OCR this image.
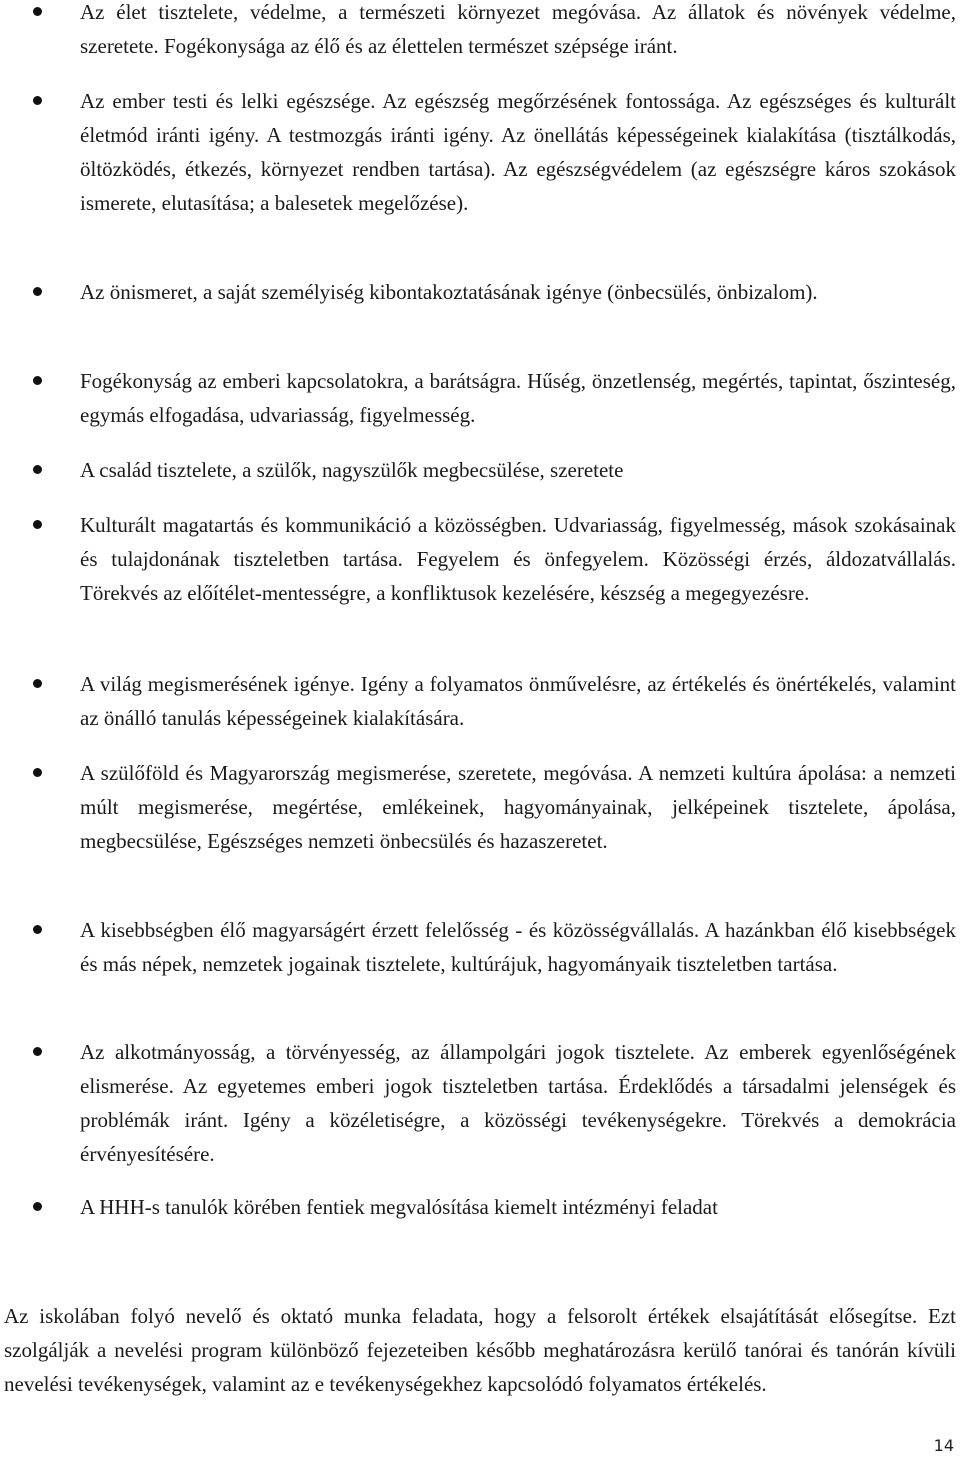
Az élet tisztelete, védelme, a természeti környezet megóvása. Az állatok és növények védelme, szeretete. Fogékonysága az élő és az élettelen természet szépsége iránt.
Az ember testi és lelki egészsége. Az egészség megőrzésének fontossága. Az egészséges és kulturált életmód iránti igény. A testmozgás iránti igény. Az önellátás képességeinek kialakítása (tisztálkodás, öltözködés, étkezés, környezet rendben tartása). Az egészségvédelem (az egészségre káros szokások ismerete, elutasítása; a balesetek megelőzése).
Az önismeret, a saját személyiség kibontakoztatásának igénye (önbecsülés, önbizalom).
Fogékonyság az emberi kapcsolatokra, a barátságra. Hűség, önzetlenség, megértés, tapintat, őszinteség, egymás elfogadása, udvariasság, figyelmesség.
A család tisztelete, a szülők, nagyszülők megbecsülése, szeretete
Kulturált magatartás és kommunikáció a közösségben. Udvariasság, figyelmesség, mások szokásainak és tulajdonának tiszteletben tartása. Fegyelem és önfegyelem. Közösségi érzés, áldozatvállalás. Törekvés az előítélet-mentességre, a konfliktusok kezelésére, készség a megegyezésre.
A világ megismerésének igénye. Igény a folyamatos önművelésre, az értékelés és önértékelés, valamint az önálló tanulás képességeinek kialakítására.
A szülőföld és Magyarország megismerése, szeretete, megóvása. A nemzeti kultúra ápolása: a nemzeti múlt megismerése, megértése, emlékeinek, hagyományainak, jelképeinek tisztelete, ápolása, megbecsülése, Egészséges nemzeti önbecsülés és hazaszeretet.
A kisebbségben élő magyarságért érzett felelősség - és közösségvállalás. A hazánkban élő kisebbségek és más népek, nemzetek jogainak tisztelete, kultúrájuk, hagyományaik tiszteletben tartása.
Az alkotmányosság, a törvényesség, az állampolgári jogok tisztelete. Az emberek egyenlőségének elismerése. Az egyetemes emberi jogok tiszteletben tartása. Érdeklődés a társadalmi jelenségek és problémák iránt. Igény a közéletiségre, a közösségi tevékenységekre. Törekvés a demokrácia érvényesítésére.
A HHH-s tanulók körében fentiek megvalósítása kiemelt intézményi feladat

Az iskolában folyó nevelő és oktató munka feladata, hogy a felsorolt értékek elsajátítását elősegítse. Ezt szolgálják a nevelési program különböző fejezeteiben később meghatározásra kerülő tanórai és tanórán kívüli nevelési tevékenységek, valamint az e tevékenységekhez kapcsolódó folyamatos értékelés.

14
